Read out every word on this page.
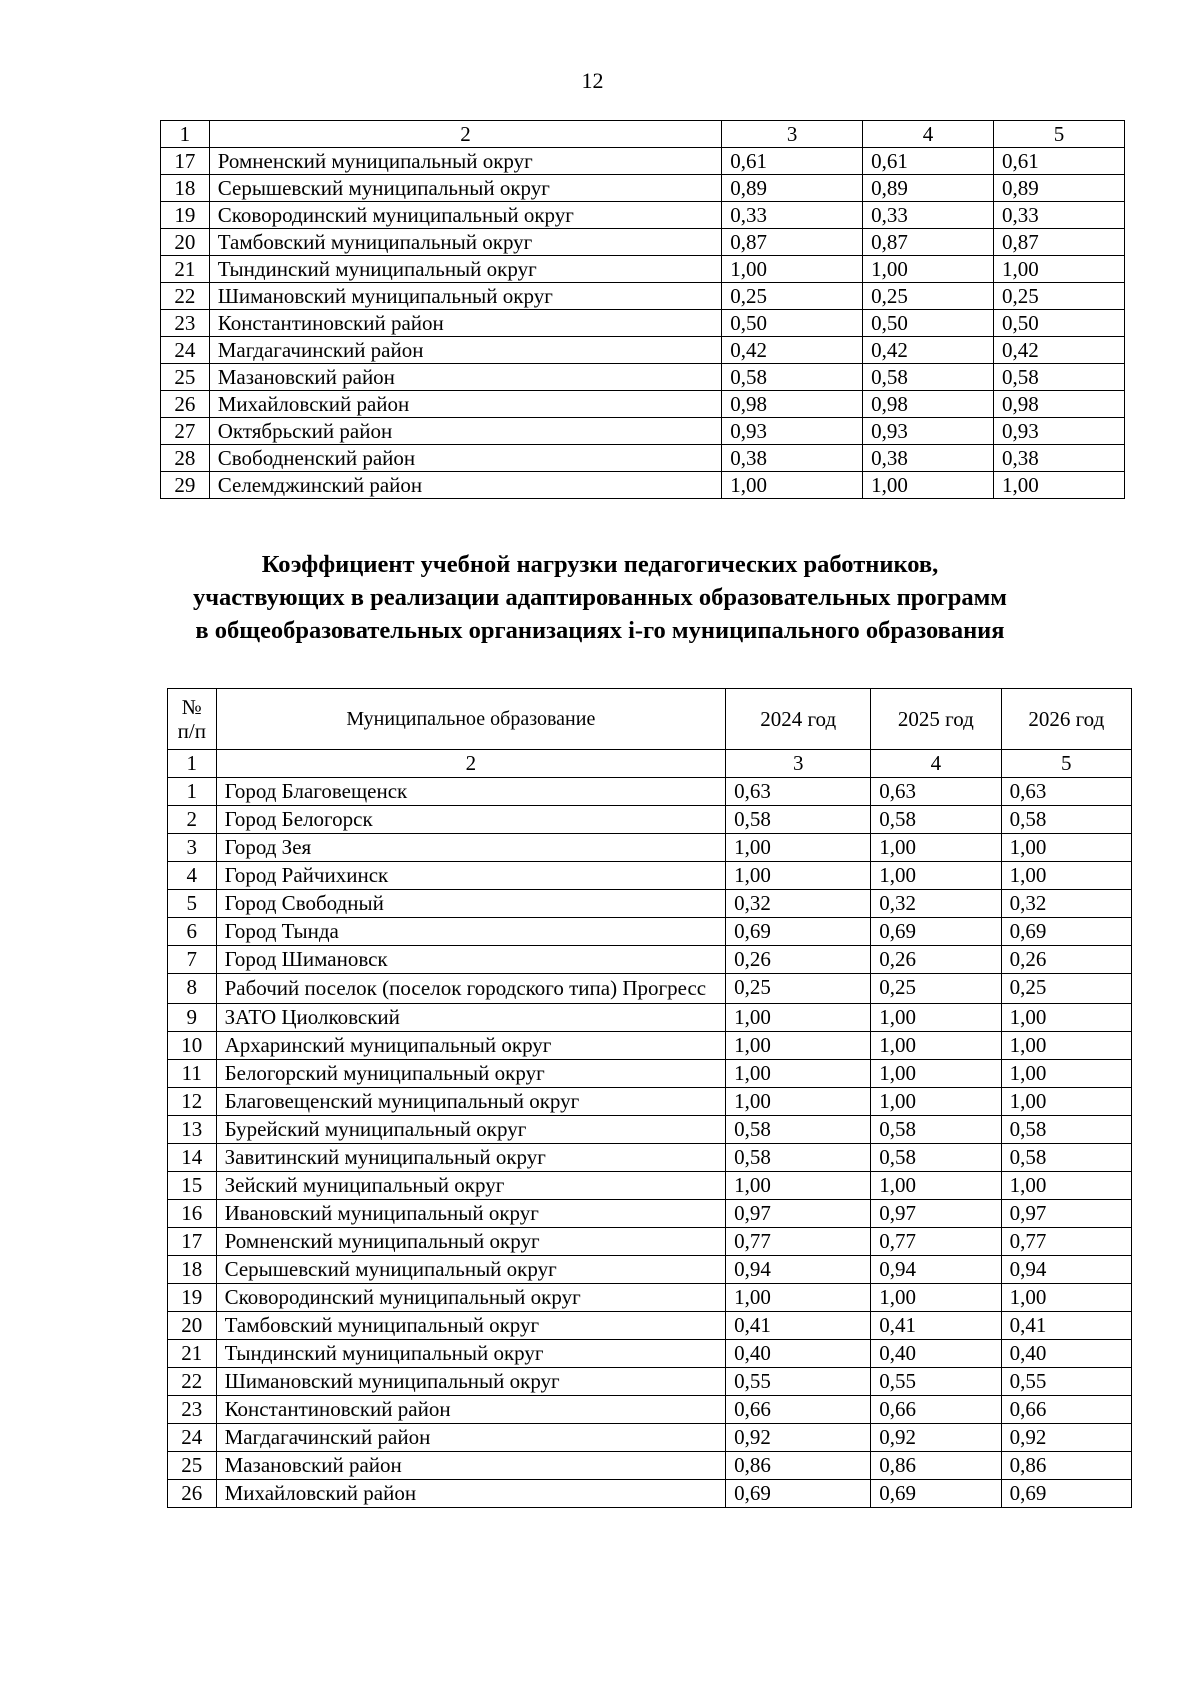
12
1	2	3	4	5
17	Ромненский муниципальный округ	0,61	0,61	0,61
18	Серышевский муниципальный округ	0,89	0,89	0,89
19	Сковородинский муниципальный округ	0,33	0,33	0,33
20	Тамбовский муниципальный округ	0,87	0,87	0,87
21	Тындинский муниципальный округ	1,00	1,00	1,00
22	Шимановский муниципальный округ	0,25	0,25	0,25
23	Константиновский район	0,50	0,50	0,50
24	Магдагачинский район	0,42	0,42	0,42
25	Мазановский район	0,58	0,58	0,58
26	Михайловский район	0,98	0,98	0,98
27	Октябрьский район	0,93	0,93	0,93
28	Свободненский район	0,38	0,38	0,38
29	Селемджинский район	1,00	1,00	1,00
Коэффициент учебной нагрузки педагогических работников,
участвующих в реализации адаптированных образовательных программ
в общеобразовательных организациях i-го муниципального образования
№
п/п	Муниципальное образование	2024 год	2025 год	2026 год
1	2	3	4	5
1	Город Благовещенск	0,63	0,63	0,63
2	Город Белогорск	0,58	0,58	0,58
3	Город Зея	1,00	1,00	1,00
4	Город Райчихинск	1,00	1,00	1,00
5	Город Свободный	0,32	0,32	0,32
6	Город Тында	0,69	0,69	0,69
7	Город Шимановск	0,26	0,26	0,26
8	Рабочий поселок (поселок городского типа) Прогресс	0,25	0,25	0,25
9	ЗАТО Циолковский	1,00	1,00	1,00
10	Архаринский муниципальный округ	1,00	1,00	1,00
11	Белогорский муниципальный округ	1,00	1,00	1,00
12	Благовещенский муниципальный округ	1,00	1,00	1,00
13	Бурейский муниципальный округ	0,58	0,58	0,58
14	Завитинский муниципальный округ	0,58	0,58	0,58
15	Зейский муниципальный округ	1,00	1,00	1,00
16	Ивановский муниципальный округ	0,97	0,97	0,97
17	Ромненский муниципальный округ	0,77	0,77	0,77
18	Серышевский муниципальный округ	0,94	0,94	0,94
19	Сковородинский муниципальный округ	1,00	1,00	1,00
20	Тамбовский муниципальный округ	0,41	0,41	0,41
21	Тындинский муниципальный округ	0,40	0,40	0,40
22	Шимановский муниципальный округ	0,55	0,55	0,55
23	Константиновский район	0,66	0,66	0,66
24	Магдагачинский район	0,92	0,92	0,92
25	Мазановский район	0,86	0,86	0,86
26	Михайловский район	0,69	0,69	0,69
